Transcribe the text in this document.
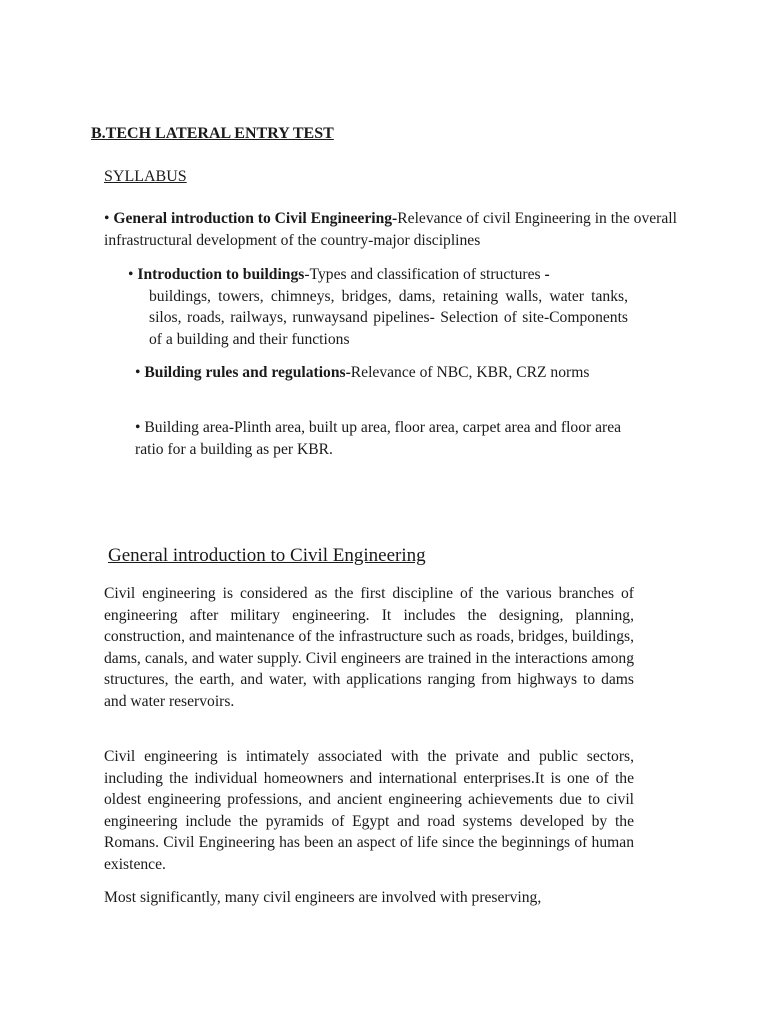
B.TECH LATERAL ENTRY TEST

SYLLABUS

• General introduction to Civil Engineering-Relevance of civil Engineering in the overall infrastructural development of the country-major disciplines

• Introduction to buildings-Types and classification of structures -
buildings, towers, chimneys, bridges, dams, retaining walls, water tanks, silos, roads, railways, runwaysand pipelines- Selection of site-Components of a building and their functions

• Building rules and regulations-Relevance of NBC, KBR, CRZ norms

• Building area-Plinth area, built up area, floor area, carpet area and floor area ratio for a building as per KBR.

General introduction to Civil Engineering

Civil engineering is considered as the first discipline of the various branches of engineering after military engineering. It includes the designing, planning, construction, and maintenance of the infrastructure such as roads, bridges, buildings, dams, canals, and water supply. Civil engineers are trained in the interactions among structures, the earth, and water, with applications ranging from highways to dams and water reservoirs.

Civil engineering is intimately associated with the private and public sectors, including the individual homeowners and international enterprises.It is one of the oldest engineering professions, and ancient engineering achievements due to civil engineering include the pyramids of Egypt and road systems developed by the Romans. Civil Engineering has been an aspect of life since the beginnings of human existence.

Most significantly, many civil engineers are involved with preserving,
